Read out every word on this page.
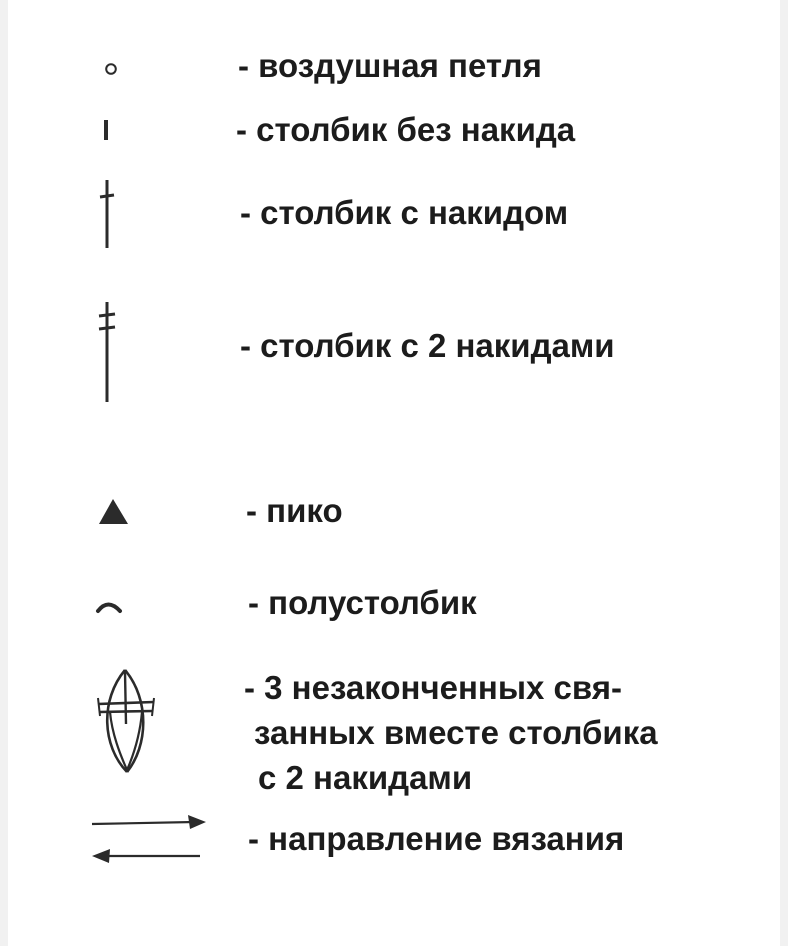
- воздушная петля

- столбик без накида

- столбик с накидом

- столбик с 2 накидами

- пико

- полустолбик

- 3 незаконченных свя-
занных вместе столбика
с 2 накидами

- направление вязания
